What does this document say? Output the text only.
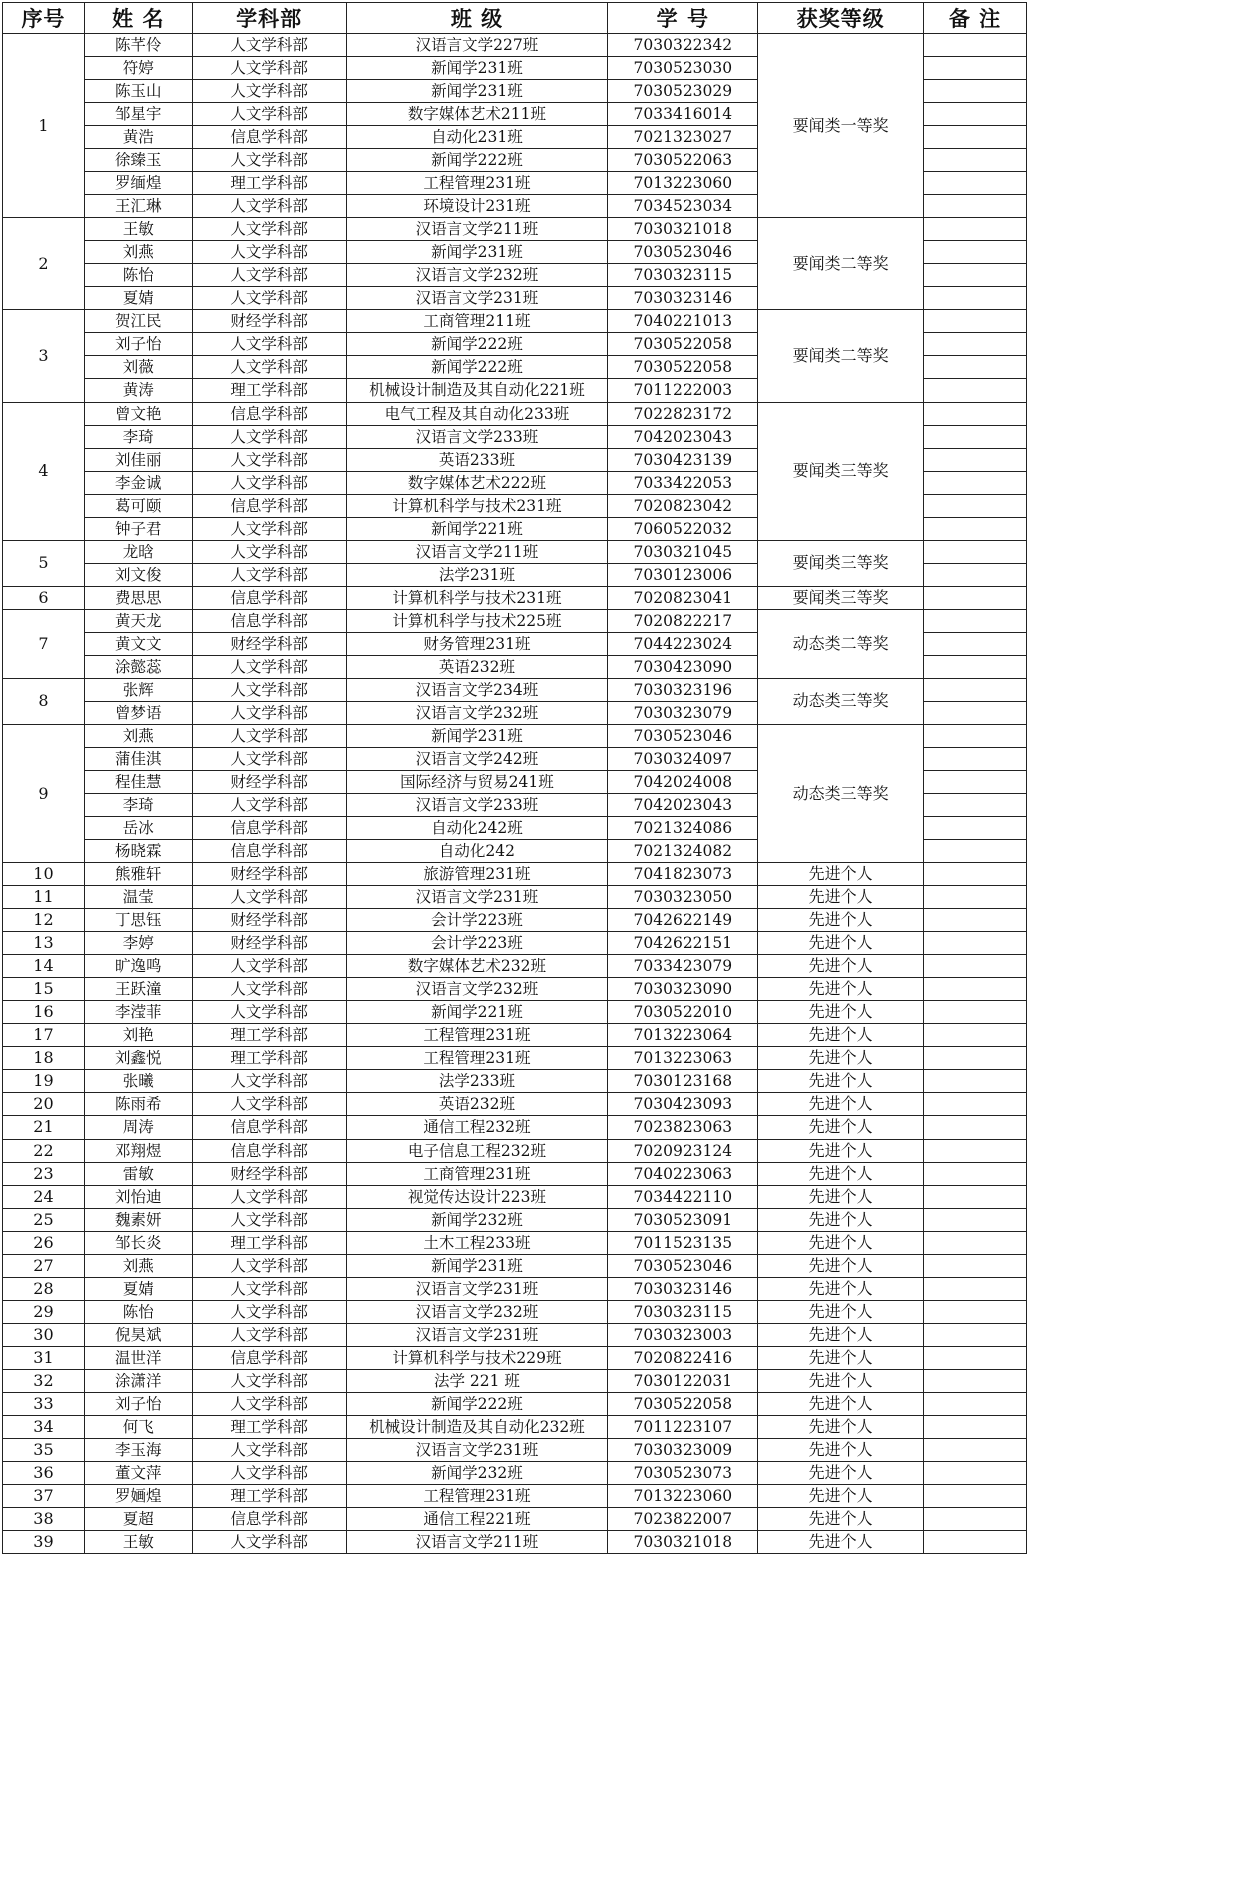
序号	姓 名	学科部	班 级	学 号	获奖等级	备 注
1	陈芊伶	人文学科部	汉语言文学227班	7030322342	要闻类一等奖	
	符婷	人文学科部	新闻学231班	7030523030		
	陈玉山	人文学科部	新闻学231班	7030523029		
	邹星宇	人文学科部	数字媒体艺术211班	7033416014		
	黄浩	信息学科部	自动化231班	7021323027		
	徐臻玉	人文学科部	新闻学222班	7030522063		
	罗缅煌	理工学科部	工程管理231班	7013223060		
	王汇琳	人文学科部	环境设计231班	7034523034		
2	王敏	人文学科部	汉语言文学211班	7030321018	要闻类二等奖	
	刘燕	人文学科部	新闻学231班	7030523046		
	陈怡	人文学科部	汉语言文学232班	7030323115		
	夏婧	人文学科部	汉语言文学231班	7030323146		
3	贺江民	财经学科部	工商管理211班	7040221013	要闻类二等奖	
	刘子怡	人文学科部	新闻学222班	7030522058		
	刘薇	人文学科部	新闻学222班	7030522058		
	黄涛	理工学科部	机械设计制造及其自动化221班	7011222003		
4	曾文艳	信息学科部	电气工程及其自动化233班	7022823172	要闻类三等奖	
	李琦	人文学科部	汉语言文学233班	7042023043		
	刘佳丽	人文学科部	英语233班	7030423139		
	李金诚	人文学科部	数字媒体艺术222班	7033422053		
	葛可颐	信息学科部	计算机科学与技术231班	7020823042		
	钟子君	人文学科部	新闻学221班	7060522032		
5	龙晗	人文学科部	汉语言文学211班	7030321045	要闻类三等奖	
	刘文俊	人文学科部	法学231班	7030123006		
6	费思思	信息学科部	计算机科学与技术231班	7020823041	要闻类三等奖	
7	黄天龙	信息学科部	计算机科学与技术225班	7020822217	动态类二等奖	
	黄文文	财经学科部	财务管理231班	7044223024		
	涂懿蕊	人文学科部	英语232班	7030423090		
8	张辉	人文学科部	汉语言文学234班	7030323196	动态类三等奖	
	曾梦语	人文学科部	汉语言文学232班	7030323079		
9	刘燕	人文学科部	新闻学231班	7030523046	动态类三等奖	
	蒲佳淇	人文学科部	汉语言文学242班	7030324097		
	程佳慧	财经学科部	国际经济与贸易241班	7042024008		
	李琦	人文学科部	汉语言文学233班	7042023043		
	岳冰	信息学科部	自动化242班	7021324086		
	杨晓霖	信息学科部	自动化242	7021324082		
10	熊雅轩	财经学科部	旅游管理231班	7041823073	先进个人	
11	温莹	人文学科部	汉语言文学231班	7030323050	先进个人	
12	丁思钰	财经学科部	会计学223班	7042622149	先进个人	
13	李婷	财经学科部	会计学223班	7042622151	先进个人	
14	旷逸鸣	人文学科部	数字媒体艺术232班	7033423079	先进个人	
15	王跃潼	人文学科部	汉语言文学232班	7030323090	先进个人	
16	李滢菲	人文学科部	新闻学221班	7030522010	先进个人	
17	刘艳	理工学科部	工程管理231班	7013223064	先进个人	
18	刘鑫悦	理工学科部	工程管理231班	7013223063	先进个人	
19	张曦	人文学科部	法学233班	7030123168	先进个人	
20	陈雨希	人文学科部	英语232班	7030423093	先进个人	
21	周涛	信息学科部	通信工程232班	7023823063	先进个人	
22	邓翔煜	信息学科部	电子信息工程232班	7020923124	先进个人	
23	雷敏	财经学科部	工商管理231班	7040223063	先进个人	
24	刘怡迪	人文学科部	视觉传达设计223班	7034422110	先进个人	
25	魏素妍	人文学科部	新闻学232班	7030523091	先进个人	
26	邹长炎	理工学科部	土木工程233班	7011523135	先进个人	
27	刘燕	人文学科部	新闻学231班	7030523046	先进个人	
28	夏婧	人文学科部	汉语言文学231班	7030323146	先进个人	
29	陈怡	人文学科部	汉语言文学232班	7030323115	先进个人	
30	倪昊斌	人文学科部	汉语言文学231班	7030323003	先进个人	
31	温世洋	信息学科部	计算机科学与技术229班	7020822416	先进个人	
32	涂潇洋	人文学科部	法学 221 班	7030122031	先进个人	
33	刘子怡	人文学科部	新闻学222班	7030522058	先进个人	
34	何飞	理工学科部	机械设计制造及其自动化232班	7011223107	先进个人	
35	李玉海	人文学科部	汉语言文学231班	7030323009	先进个人	
36	董文萍	人文学科部	新闻学232班	7030523073	先进个人	
37	罗婳煌	理工学科部	工程管理231班	7013223060	先进个人	
38	夏超	信息学科部	通信工程221班	7023822007	先进个人	
39	王敏	人文学科部	汉语言文学211班	7030321018	先进个人	
